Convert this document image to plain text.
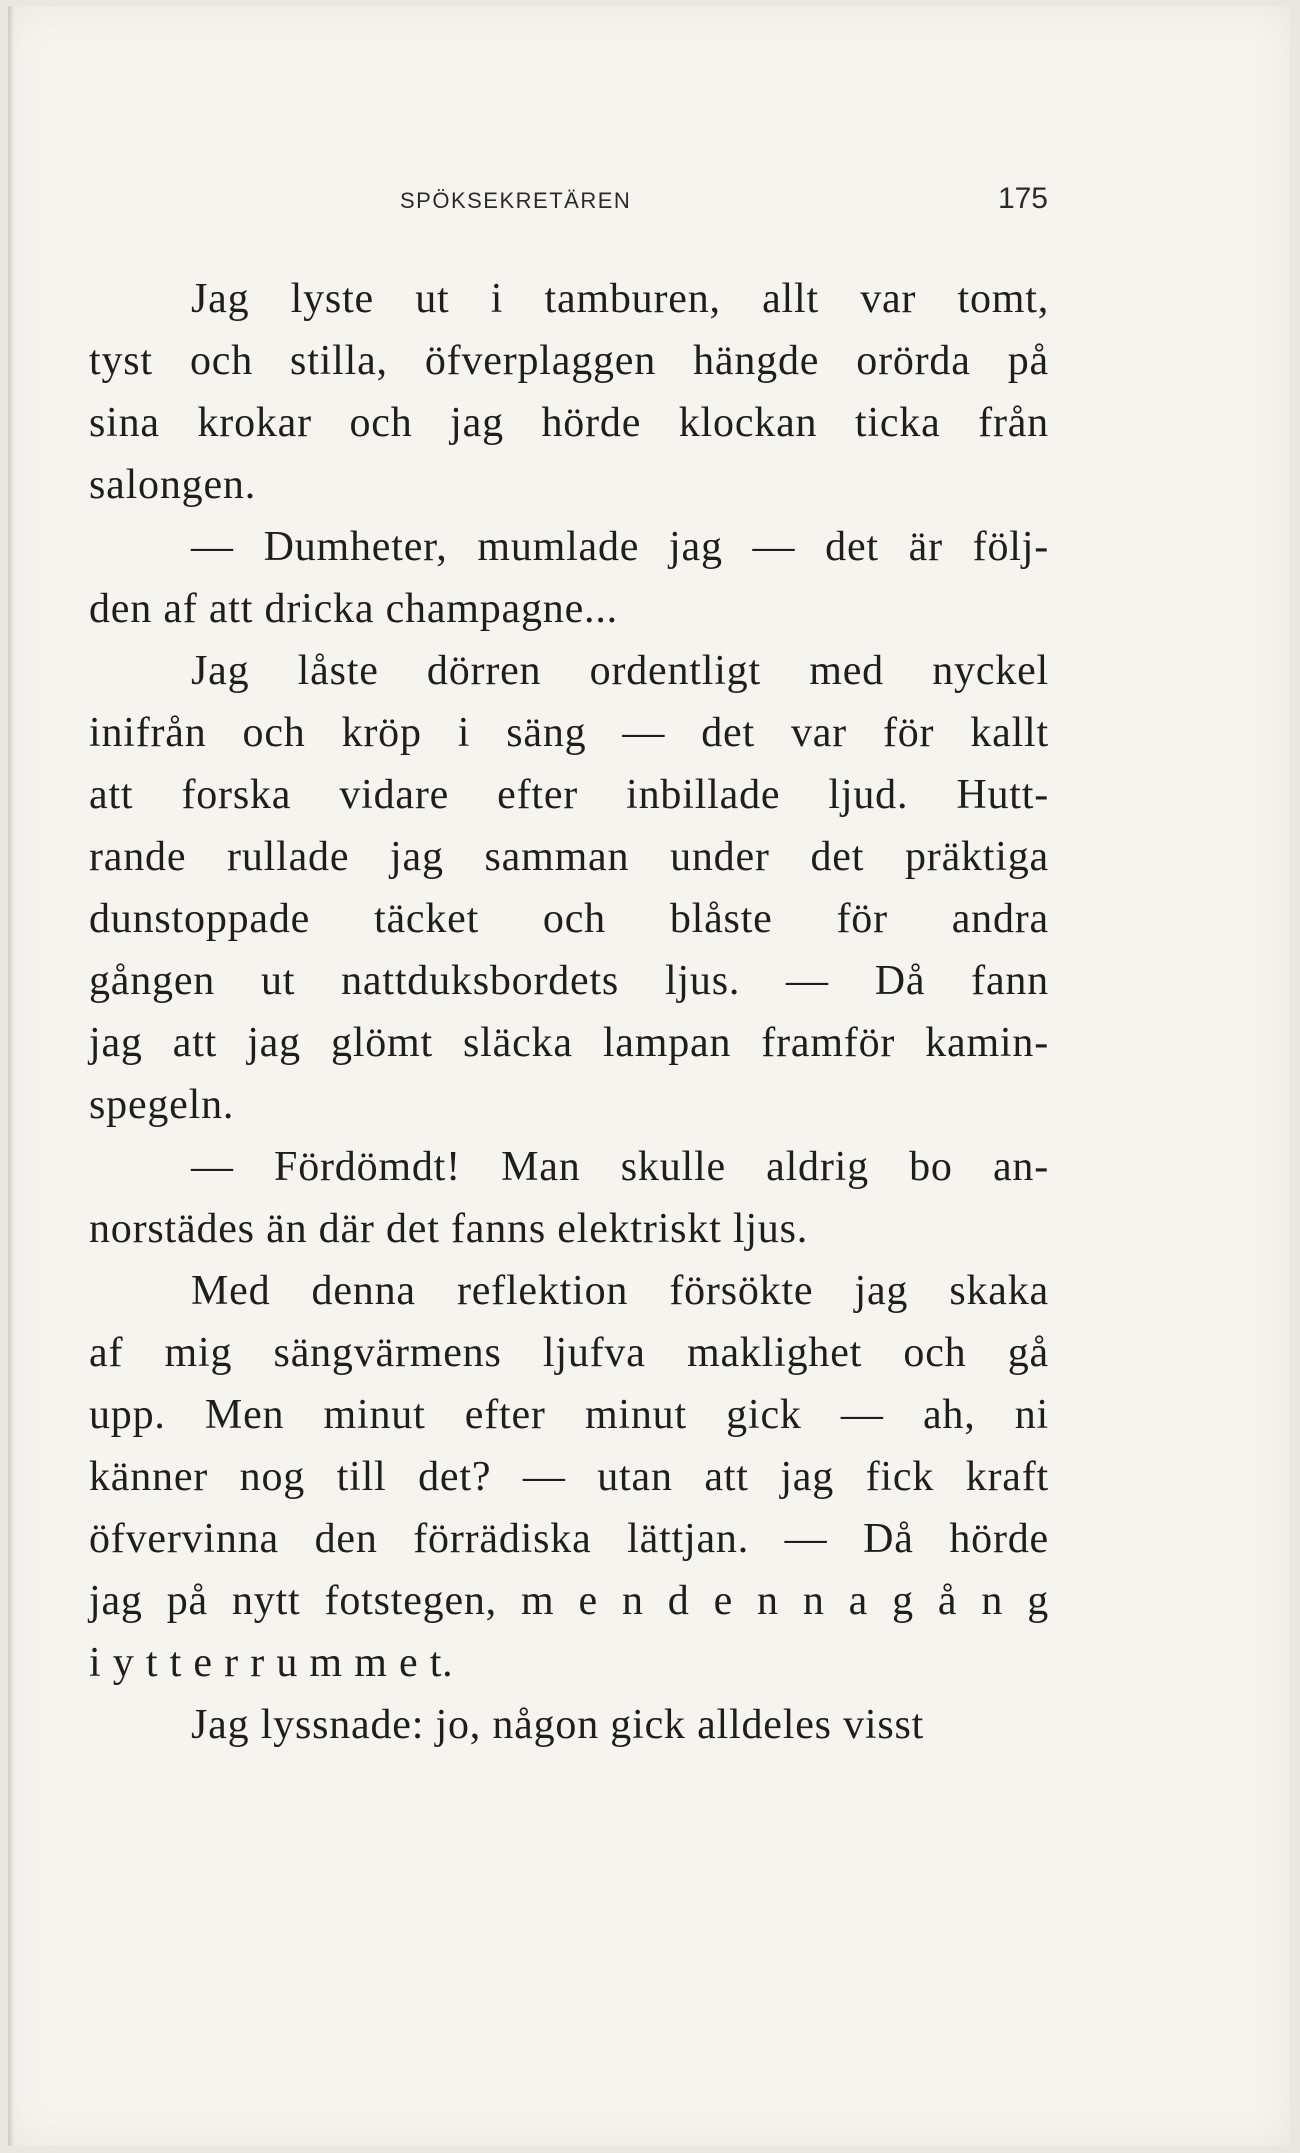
SPÖKSEKRETÄREN	175
Jag lyste ut i tamburen, allt var tomt,
tyst och stilla, öfverplaggen hängde orörda på
sina krokar och jag hörde klockan ticka från
salongen.
— Dumheter, mumlade jag — det är följ-
den af att dricka champagne...
Jag låste dörren ordentligt med nyckel
inifrån och kröp i säng — det var för kallt
att forska vidare efter inbillade ljud. Hutt-
rande rullade jag samman under det präktiga
dunstoppade täcket och blåste för andra
gången ut nattduksbordets ljus. — Då fann
jag att jag glömt släcka lampan framför kamin-
spegeln.
— Fördömdt! Man skulle aldrig bo an-
norstädes än där det fanns elektriskt ljus.
Med denna reflektion försökte jag skaka
af mig sängvärmens ljufva maklighet och gå
upp. Men minut efter minut gick — ah, ni
känner nog till det? — utan att jag fick kraft
öfvervinna den förrädiska lättjan. — Då hörde
jag på nytt fotstegen, m e n d e n n a g å n g
i y t t e r r u m m e t.
Jag lyssnade: jo, någon gick alldeles visst
